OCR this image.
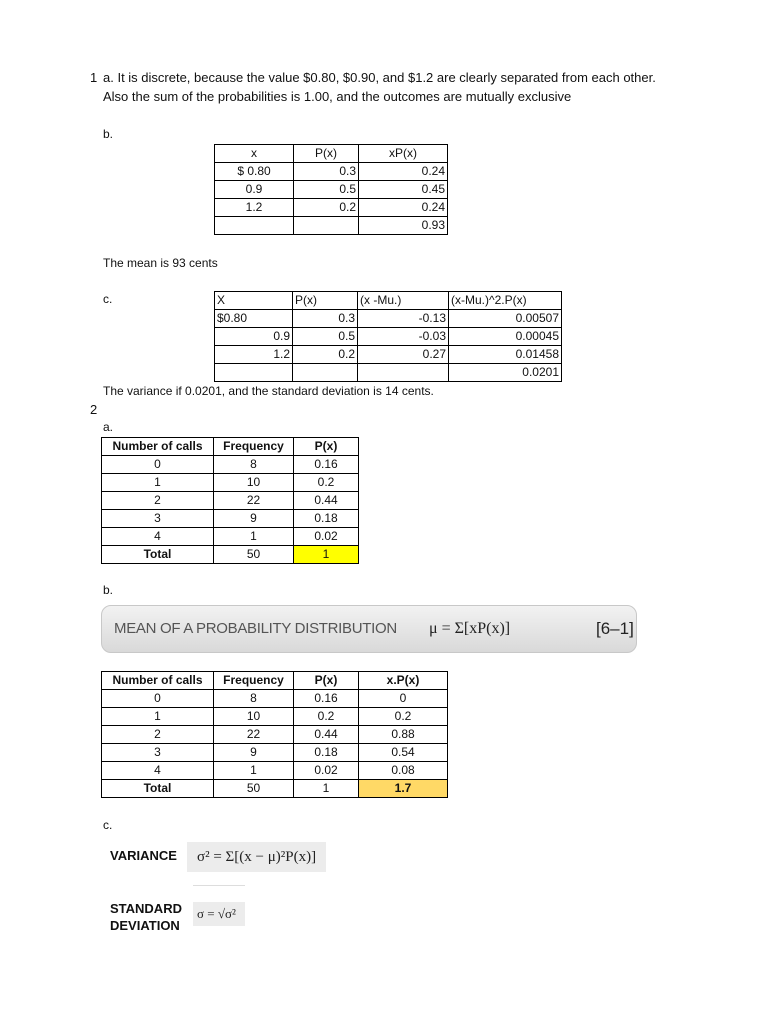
1 a. It is discrete, because the value $0.80, $0.90, and $1.2 are clearly separated from each other.
Also the sum of the probabilities is 1.00, and the outcomes are mutually exclusive
b.
x	P(x)	xP(x)
$ 0.80	0.3	0.24
0.9	0.5	0.45
1.2	0.2	0.24
		0.93
The mean is 93 cents
c.	X	P(x)	(x -Mu.)	(x-Mu.)^2.P(x)
$0.80	0.3	-0.13	0.00507
0.9	0.5	-0.03	0.00045
1.2	0.2	0.27	0.01458
			0.0201
The variance if 0.0201, and the standard deviation is 14 cents.
2
a.
Number of calls	Frequency	P(x)
0	8	0.16
1	10	0.2
2	22	0.44
3	9	0.18
4	1	0.02
Total	50	1
b.
MEAN OF A PROBABILITY DISTRIBUTION μ = Σ[xP(x)]	[6–1]
Number of calls	Frequency	P(x)	x.P(x)
0	8	0.16	0
1	10	0.2	0.2
2	22	0.44	0.88
3	9	0.18	0.54
4	1	0.02	0.08
Total	50	1	1.7
c.
VARIANCE	σ² = Σ[(x − μ)²P(x)]
STANDARD
DEVIATION
σ = √σ²
